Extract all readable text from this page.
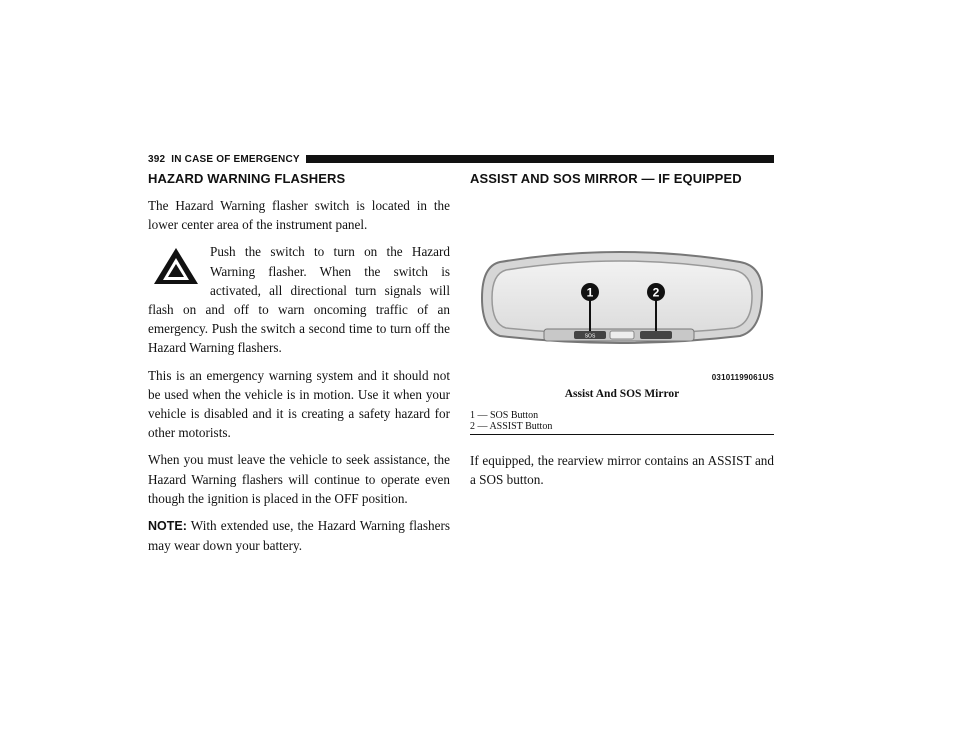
392 IN CASE OF EMERGENCY
HAZARD WARNING FLASHERS

The Hazard Warning flasher switch is located in the lower center area of the instrument panel.

Push the switch to turn on the Hazard Warning flasher. When the switch is activated, all directional turn signals will flash on and off to warn oncoming traffic of an emergency. Push the switch a second time to turn off the Hazard Warning flashers.

This is an emergency warning system and it should not be used when the vehicle is in motion. Use it when your vehicle is disabled and it is creating a safety hazard for other motorists.

When you must leave the vehicle to seek assistance, the Hazard Warning flashers will continue to operate even though the ignition is placed in the OFF position.

NOTE: With extended use, the Hazard Warning flashers may wear down your battery.

ASSIST AND SOS MIRROR — IF EQUIPPED
SOS
1	2
03101199061US
Assist And SOS Mirror
1 — SOS Button
2 — ASSIST Button

If equipped, the rearview mirror contains an ASSIST and a SOS button.
